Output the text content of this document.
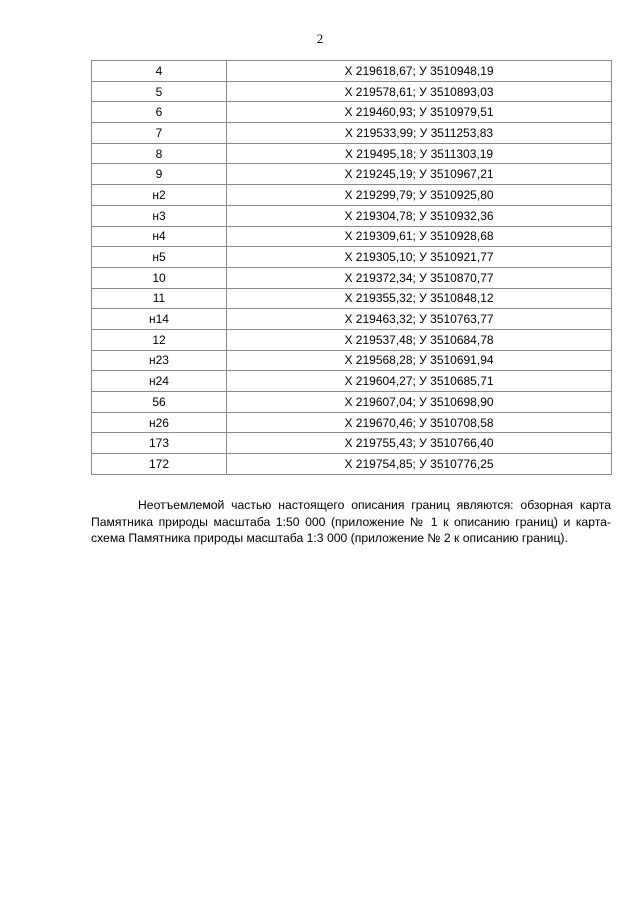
2
4	X 219618,67; У 3510948,19
5	X 219578,61; У 3510893,03
6	X 219460,93; У 3510979,51
7	X 219533,99; У 3511253,83
8	X 219495,18; У 3511303,19
9	X 219245,19; У 3510967,21
н2	X 219299,79; У 3510925,80
н3	X 219304,78; У 3510932,36
н4	X 219309,61; У 3510928,68
н5	X 219305,10; У 3510921,77
10	X 219372,34; У 3510870,77
11	X 219355,32; У 3510848,12
н14	X 219463,32; У 3510763,77
12	X 219537,48; У 3510684,78
н23	X 219568,28; У 3510691,94
н24	X 219604,27; У 3510685,71
56	X 219607,04; У 3510698,90
н26	X 219670,46; У 3510708,58
173	X 219755,43; У 3510766,40
172	X 219754,85; У 3510776,25

Неотъемлемой частью настоящего описания границ являются: обзорная карта Памятника природы масштаба 1:50 000 (приложение № 1 к описанию границ) и карта-схема Памятника природы масштаба 1:3 000 (приложение № 2 к описанию границ).
